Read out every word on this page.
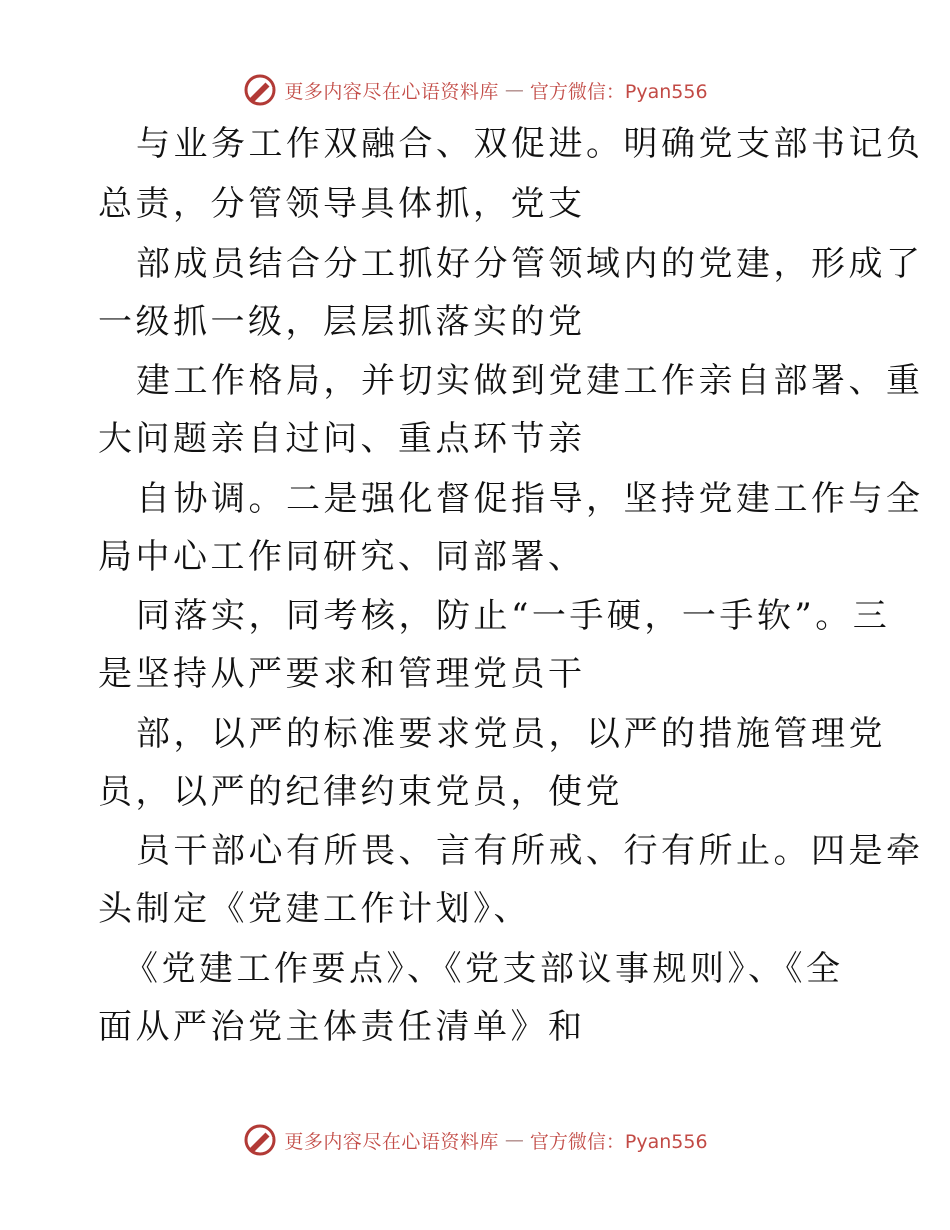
更多内容尽在心语资料库 — 官方微信：Pyan556
与业务工作双融合、双促进。明确党支部书记负
总责，分管领导具体抓，党支
部成员结合分工抓好分管领域内的党建，形成了
一级抓一级，层层抓落实的党
建工作格局，并切实做到党建工作亲自部署、重
大问题亲自过问、重点环节亲
自协调。二是强化督促指导，坚持党建工作与全
局中心工作同研究、同部署、
同落实，同考核，防止“一手硬，一手软”。三
是坚持从严要求和管理党员干
部，以严的标准要求党员，以严的措施管理党
员，以严的纪律约束党员，使党
员干部心有所畏、言有所戒、行有所止。四是牵
头制定《党建工作计划》、
《党建工作要点》、《党支部议事规则》、《全
面从严治党主体责任清单》和
更多内容尽在心语资料库 — 官方微信：Pyan556
